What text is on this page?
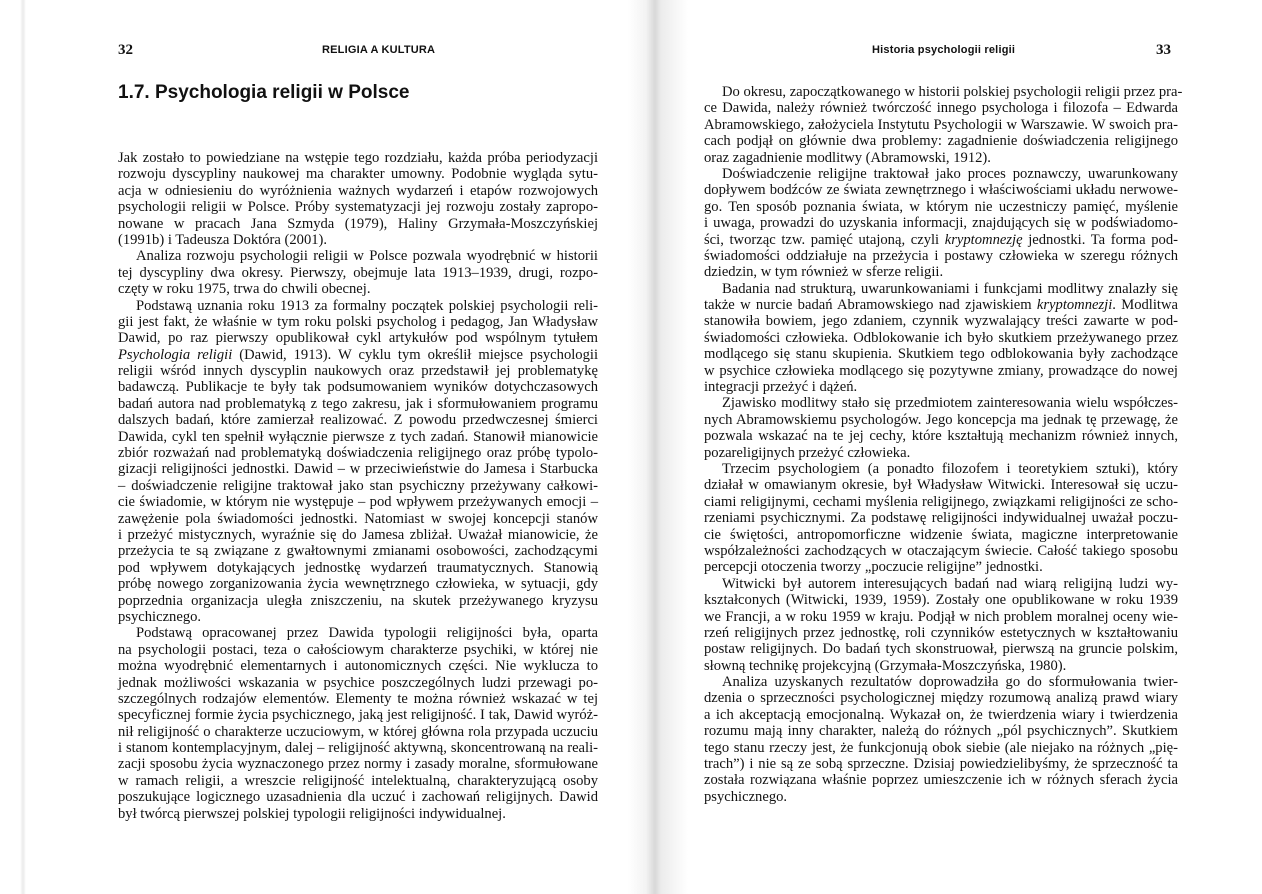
32	RELIGIA A KULTURA
1.7. Psychologia religii w Polsce
Jak zostało to powiedziane na wstępie tego rozdziału, każda próba periodyzacji
rozwoju dyscypliny naukowej ma charakter umowny. Podobnie wygląda sytu-
acja w odniesieniu do wyróżnienia ważnych wydarzeń i etapów rozwojowych
psychologii religii w Polsce. Próby systematyzacji jej rozwoju zostały zapropo-
nowane w pracach Jana Szmyda (1979), Haliny Grzymała-Moszczyńskiej
(1991b) i Tadeusza Doktóra (2001).
Analiza rozwoju psychologii religii w Polsce pozwala wyodrębnić w historii
tej dyscypliny dwa okresy. Pierwszy, obejmuje lata 1913–1939, drugi, rozpo-
częty w roku 1975, trwa do chwili obecnej.
Podstawą uznania roku 1913 za formalny początek polskiej psychologii reli-
gii jest fakt, że właśnie w tym roku polski psycholog i pedagog, Jan Władysław
Dawid, po raz pierwszy opublikował cykl artykułów pod wspólnym tytułem
Psychologia religii (Dawid, 1913). W cyklu tym określił miejsce psychologii
religii wśród innych dyscyplin naukowych oraz przedstawił jej problematykę
badawczą. Publikacje te były tak podsumowaniem wyników dotychczasowych
badań autora nad problematyką z tego zakresu, jak i sformułowaniem programu
dalszych badań, które zamierzał realizować. Z powodu przedwczesnej śmierci
Dawida, cykl ten spełnił wyłącznie pierwsze z tych zadań. Stanowił mianowicie
zbiór rozważań nad problematyką doświadczenia religijnego oraz próbę typolo-
gizacji religijności jednostki. Dawid – w przeciwieństwie do Jamesa i Starbucka
– doświadczenie religijne traktował jako stan psychiczny przeżywany całkowi-
cie świadomie, w którym nie występuje – pod wpływem przeżywanych emocji –
zawężenie pola świadomości jednostki. Natomiast w swojej koncepcji stanów
i przeżyć mistycznych, wyraźnie się do Jamesa zbliżał. Uważał mianowicie, że
przeżycia te są związane z gwałtownymi zmianami osobowości, zachodzącymi
pod wpływem dotykających jednostkę wydarzeń traumatycznych. Stanowią
próbę nowego zorganizowania życia wewnętrznego człowieka, w sytuacji, gdy
poprzednia organizacja uległa zniszczeniu, na skutek przeżywanego kryzysu
psychicznego.
Podstawą opracowanej przez Dawida typologii religijności była, oparta
na psychologii postaci, teza o całościowym charakterze psychiki, w której nie
można wyodrębnić elementarnych i autonomicznych części. Nie wyklucza to
jednak możliwości wskazania w psychice poszczególnych ludzi przewagi po-
szczególnych rodzajów elementów. Elementy te można również wskazać w tej
specyficznej formie życia psychicznego, jaką jest religijność. I tak, Dawid wyróż-
nił religijność o charakterze uczuciowym, w której główna rola przypada uczuciu
i stanom kontemplacyjnym, dalej – religijność aktywną, skoncentrowaną na reali-
zacji sposobu życia wyznaczonego przez normy i zasady moralne, sformułowane
w ramach religii, a wreszcie religijność intelektualną, charakteryzującą osoby
poszukujące logicznego uzasadnienia dla uczuć i zachowań religijnych. Dawid
był twórcą pierwszej polskiej typologii religijności indywidualnej.
Historia psychologii religii	33
Do okresu, zapoczątkowanego w historii polskiej psychologii religii przez pra-
ce Dawida, należy również twórczość innego psychologa i filozofa – Edwarda
Abramowskiego, założyciela Instytutu Psychologii w Warszawie. W swoich pra-
cach podjął on głównie dwa problemy: zagadnienie doświadczenia religijnego
oraz zagadnienie modlitwy (Abramowski, 1912).
Doświadczenie religijne traktował jako proces poznawczy, uwarunkowany
dopływem bodźców ze świata zewnętrznego i właściwościami układu nerwowe-
go. Ten sposób poznania świata, w którym nie uczestniczy pamięć, myślenie
i uwaga, prowadzi do uzyskania informacji, znajdujących się w podświadomo-
ści, tworząc tzw. pamięć utajoną, czyli kryptomnezję jednostki. Ta forma pod-
świadomości oddziałuje na przeżycia i postawy człowieka w szeregu różnych
dziedzin, w tym również w sferze religii.
Badania nad strukturą, uwarunkowaniami i funkcjami modlitwy znalazły się
także w nurcie badań Abramowskiego nad zjawiskiem kryptomnezji. Modlitwa
stanowiła bowiem, jego zdaniem, czynnik wyzwalający treści zawarte w pod-
świadomości człowieka. Odblokowanie ich było skutkiem przeżywanego przez
modlącego się stanu skupienia. Skutkiem tego odblokowania były zachodzące
w psychice człowieka modlącego się pozytywne zmiany, prowadzące do nowej
integracji przeżyć i dążeń.
Zjawisko modlitwy stało się przedmiotem zainteresowania wielu współczes-
nych Abramowskiemu psychologów. Jego koncepcja ma jednak tę przewagę, że
pozwala wskazać na te jej cechy, które kształtują mechanizm również innych,
pozareligijnych przeżyć człowieka.
Trzecim psychologiem (a ponadto filozofem i teoretykiem sztuki), który
działał w omawianym okresie, był Władysław Witwicki. Interesował się uczu-
ciami religijnymi, cechami myślenia religijnego, związkami religijności ze scho-
rzeniami psychicznymi. Za podstawę religijności indywidualnej uważał poczu-
cie świętości, antropomorficzne widzenie świata, magiczne interpretowanie
współzależności zachodzących w otaczającym świecie. Całość takiego sposobu
percepcji otoczenia tworzy „poczucie religijne” jednostki.
Witwicki był autorem interesujących badań nad wiarą religijną ludzi wy-
kształconych (Witwicki, 1939, 1959). Zostały one opublikowane w roku 1939
we Francji, a w roku 1959 w kraju. Podjął w nich problem moralnej oceny wie-
rzeń religijnych przez jednostkę, roli czynników estetycznych w kształtowaniu
postaw religijnych. Do badań tych skonstruował, pierwszą na gruncie polskim,
słowną technikę projekcyjną (Grzymała-Moszczyńska, 1980).
Analiza uzyskanych rezultatów doprowadziła go do sformułowania twier-
dzenia o sprzeczności psychologicznej między rozumową analizą prawd wiary
a ich akceptacją emocjonalną. Wykazał on, że twierdzenia wiary i twierdzenia
rozumu mają inny charakter, należą do różnych „pól psychicznych”. Skutkiem
tego stanu rzeczy jest, że funkcjonują obok siebie (ale niejako na różnych „pię-
trach”) i nie są ze sobą sprzeczne. Dzisiaj powiedzielibyśmy, że sprzeczność ta
została rozwiązana właśnie poprzez umieszczenie ich w różnych sferach życia
psychicznego.
